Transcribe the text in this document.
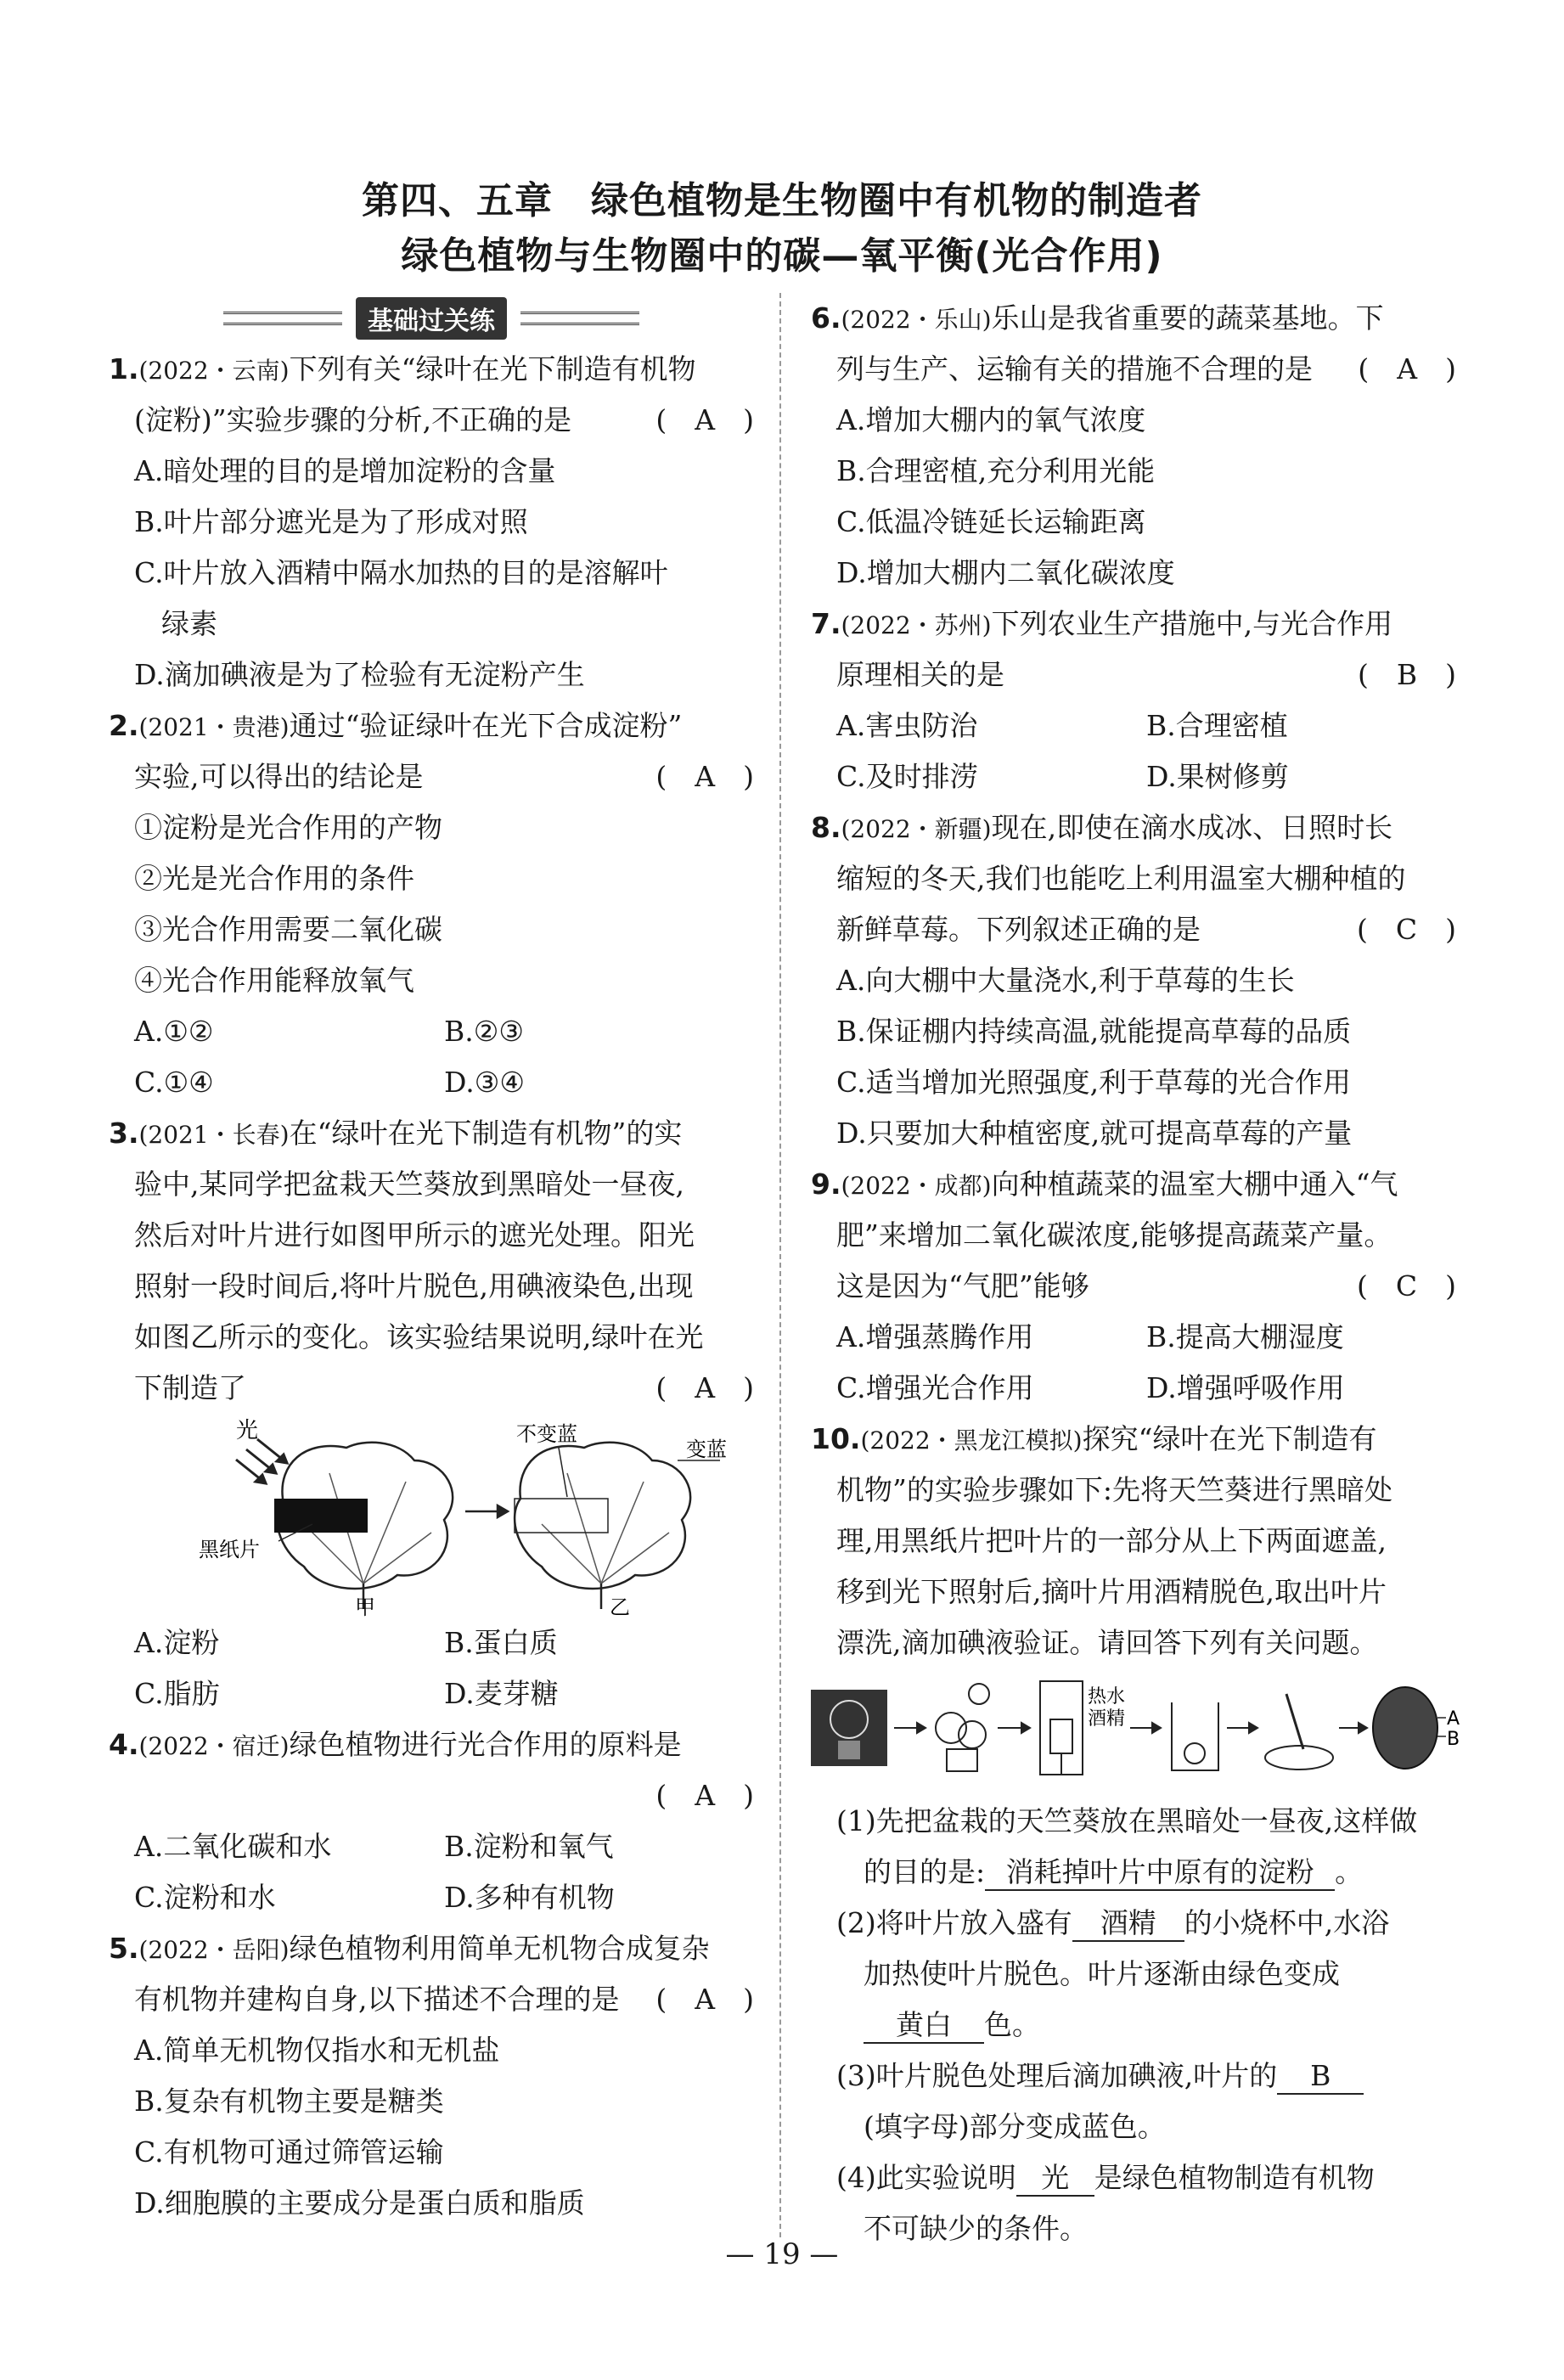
第四、五章　绿色植物是生物圈中有机物的制造者
绿色植物与生物圈中的碳—氧平衡(光合作用)
基础过关练
1.(2022・云南)下列有关“绿叶在光下制造有机物
(淀粉)”实验步骤的分析,不正确的是	(　A　)
A.暗处理的目的是增加淀粉的含量
B.叶片部分遮光是为了形成对照
C.叶片放入酒精中隔水加热的目的是溶解叶
绿素
D.滴加碘液是为了检验有无淀粉产生
2.(2021・贵港)通过“验证绿叶在光下合成淀粉”
实验,可以得出的结论是	(　A　)
①淀粉是光合作用的产物
②光是光合作用的条件
③光合作用需要二氧化碳
④光合作用能释放氧气
A.①②	B.②③
C.①④	D.③④
3.(2021・长春)在“绿叶在光下制造有机物”的实
验中,某同学把盆栽天竺葵放到黑暗处一昼夜,
然后对叶片进行如图甲所示的遮光处理。阳光
照射一段时间后,将叶片脱色,用碘液染色,出现
如图乙所示的变化。该实验结果说明,绿叶在光
下制造了	(　A　)
光	不变蓝
变蓝
黑纸片
甲	乙
A.淀粉	B.蛋白质
C.脂肪	D.麦芽糖
4.(2022・宿迁)绿色植物进行光合作用的原料是
(　A　)
A.二氧化碳和水	B.淀粉和氧气
C.淀粉和水	D.多种有机物
5.(2022・岳阳)绿色植物利用简单无机物合成复杂
有机物并建构自身,以下描述不合理的是 (　A　)
A.简单无机物仅指水和无机盐
B.复杂有机物主要是糖类
C.有机物可通过筛管运输
D.细胞膜的主要成分是蛋白质和脂质
6.(2022・乐山)乐山是我省重要的蔬菜基地。下
列与生产、运输有关的措施不合理的是 (　A　)
A.增加大棚内的氧气浓度
B.合理密植,充分利用光能
C.低温冷链延长运输距离
D.增加大棚内二氧化碳浓度
7.(2022・苏州)下列农业生产措施中,与光合作用
原理相关的是	(　B　)
A.害虫防治	B.合理密植
C.及时排涝	D.果树修剪
8.(2022・新疆)现在,即使在滴水成冰、日照时长
缩短的冬天,我们也能吃上利用温室大棚种植的
新鲜草莓。下列叙述正确的是	(　C　)
A.向大棚中大量浇水,利于草莓的生长
B.保证棚内持续高温,就能提高草莓的品质
C.适当增加光照强度,利于草莓的光合作用
D.只要加大种植密度,就可提高草莓的产量
9.(2022・成都)向种植蔬菜的温室大棚中通入“气
肥”来增加二氧化碳浓度,能够提高蔬菜产量。
这是因为“气肥”能够	(　C　)
A.增强蒸腾作用	B.提高大棚湿度
C.增强光合作用	D.增强呼吸作用
10.(2022・黑龙江模拟)探究“绿叶在光下制造有
机物”的实验步骤如下:先将天竺葵进行黑暗处
理,用黑纸片把叶片的一部分从上下两面遮盖,
移到光下照射后,摘叶片用酒精脱色,取出叶片
漂洗,滴加碘液验证。请回答下列有关问题。
热水
酒精	A
B
(1)先把盆栽的天竺葵放在黑暗处一昼夜,这样做
的目的是: 消耗掉叶片中原有的淀粉 。
(2)将叶片放入盛有 酒精 的小烧杯中,水浴
加热使叶片脱色。叶片逐渐由绿色变成
黄白 色。
(3)叶片脱色处理后滴加碘液,叶片的 B
(填字母)部分变成蓝色。
(4)此实验说明 光 是绿色植物制造有机物
不可缺少的条件。
— 19 —
